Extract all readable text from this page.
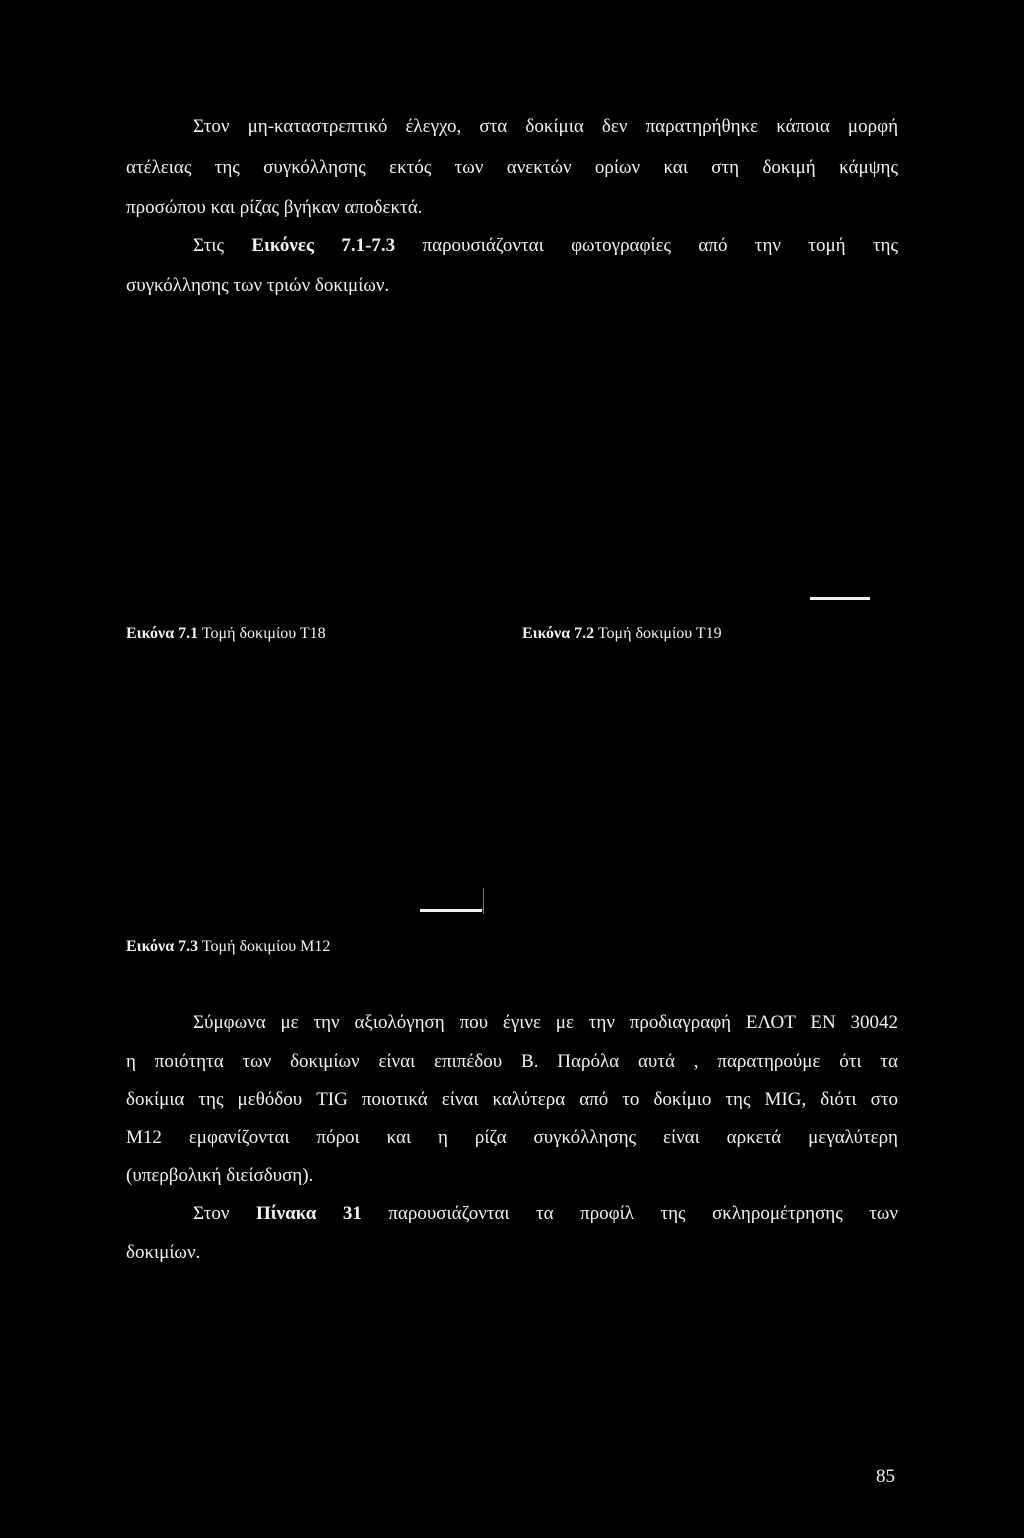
Στον μη-καταστρεπτικό έλεγχο, στα δοκίμια δεν παρατηρήθηκε κάποια μορφή
ατέλειας της συγκόλλησης εκτός των ανεκτών ορίων και στη δοκιμή κάμψης
προσώπου και ρίζας βγήκαν αποδεκτά.
Στις Εικόνες 7.1-7.3 παρουσιάζονται φωτογραφίες από την τομή της
συγκόλλησης των τριών δοκιμίων.
Εικόνα 7.1 Τομή δοκιμίου Τ18	Εικόνα 7.2 Τομή δοκιμίου Τ19
Εικόνα 7.3 Τομή δοκιμίου Μ12
Σύμφωνα με την αξιολόγηση που έγινε με την προδιαγραφή ΕΛΟΤ EN 30042
η ποιότητα των δοκιμίων είναι επιπέδου Β. Παρόλα αυτά , παρατηρούμε ότι τα
δοκίμια της μεθόδου TIG ποιοτικά είναι καλύτερα από το δοκίμιο της MIG, διότι στο
M12 εμφανίζονται πόροι και η ρίζα συγκόλλησης είναι αρκετά μεγαλύτερη
(υπερβολική διείσδυση).
Στον Πίνακα 31 παρουσιάζονται τα προφίλ της σκληρομέτρησης των
δοκιμίων.
85
